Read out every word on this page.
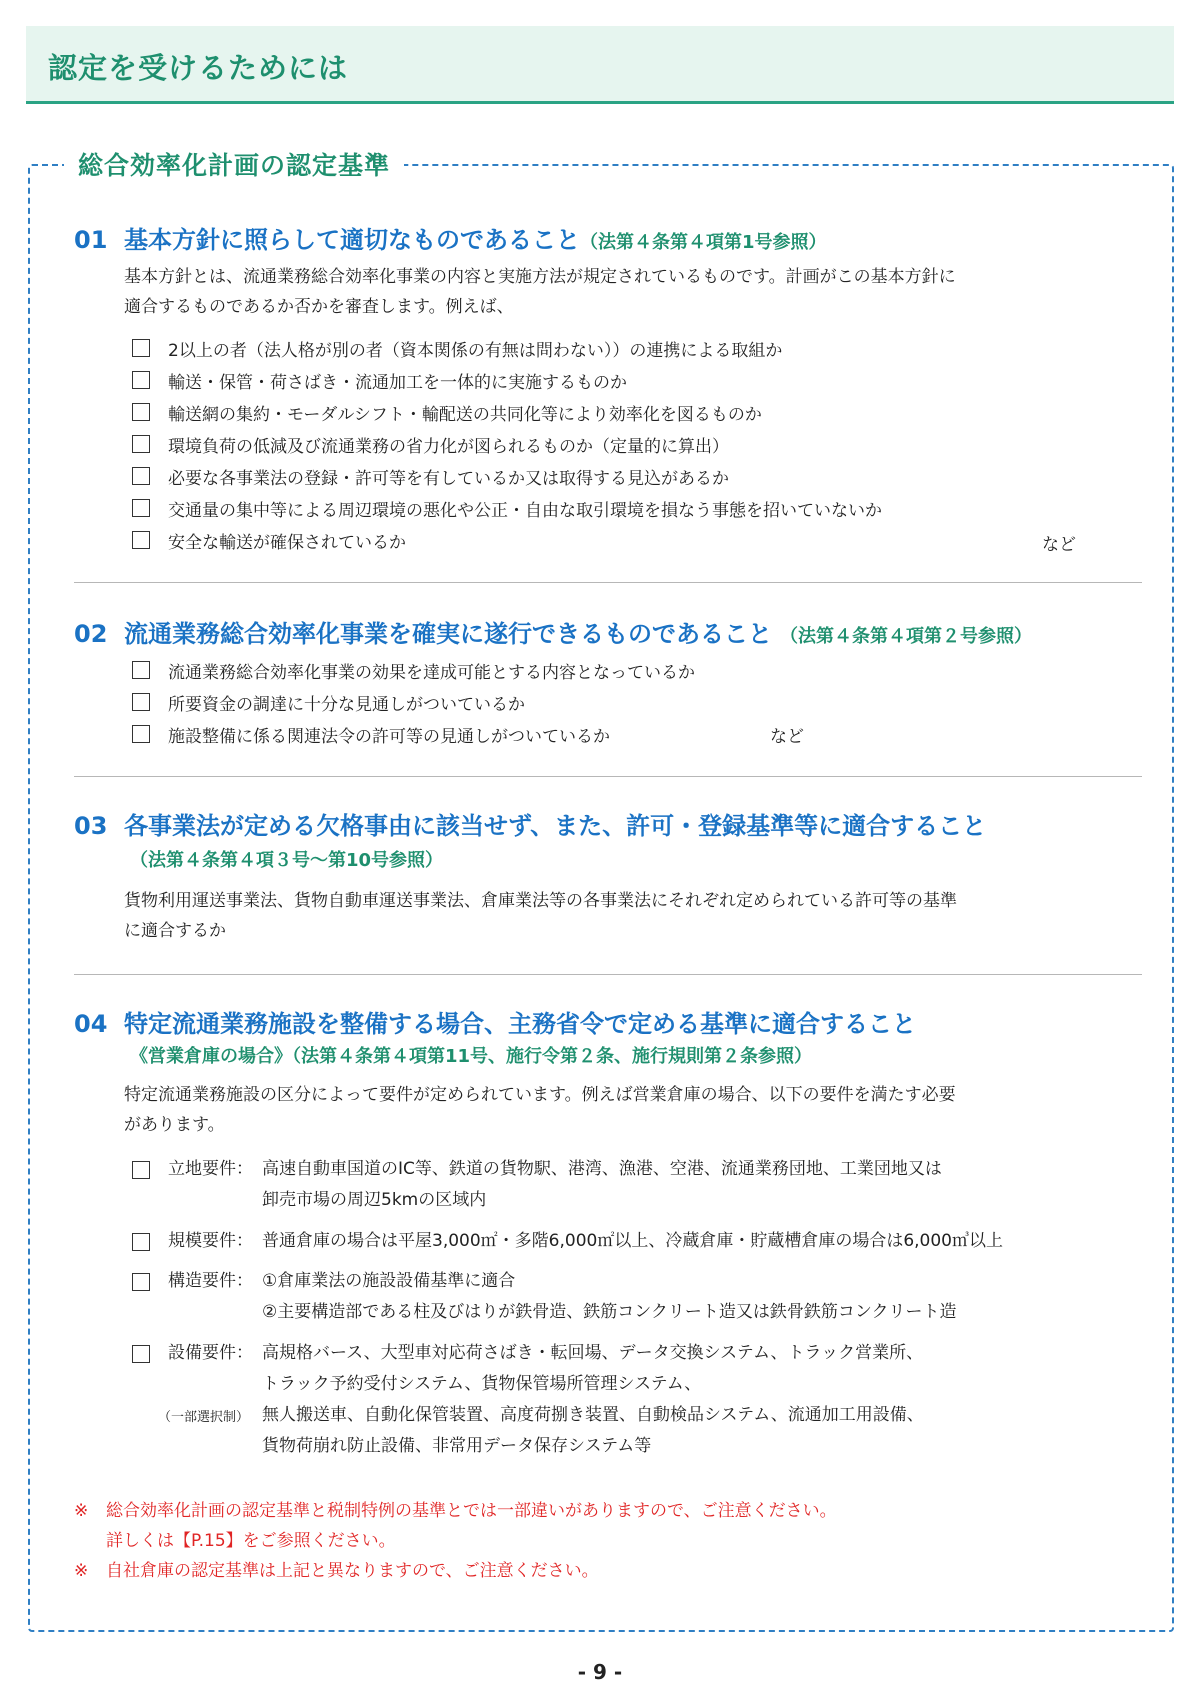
認定を受けるためには
総合効率化計画の認定基準
01 基本方針に照らして適切なものであること（法第４条第４項第1号参照）
基本方針とは、流通業務総合効率化事業の内容と実施方法が規定されているものです。計画がこの基本方針に
適合するものであるか否かを審査します。例えば、
2以上の者（法人格が別の者（資本関係の有無は問わない））の連携による取組か
輸送・保管・荷さばき・流通加工を一体的に実施するものか
輸送網の集約・モーダルシフト・輸配送の共同化等により効率化を図るものか
環境負荷の低減及び流通業務の省力化が図られるものか（定量的に算出）
必要な各事業法の登録・許可等を有しているか又は取得する見込があるか
交通量の集中等による周辺環境の悪化や公正・自由な取引環境を損なう事態を招いていないか
安全な輸送が確保されているか	など
02 流通業務総合効率化事業を確実に遂行できるものであること （法第４条第４項第２号参照）
流通業務総合効率化事業の効果を達成可能とする内容となっているか
所要資金の調達に十分な見通しがついているか
施設整備に係る関連法令の許可等の見通しがついているか	など
03 各事業法が定める欠格事由に該当せず、また、許可・登録基準等に適合すること
（法第４条第４項３号～第10号参照）
貨物利用運送事業法、貨物自動車運送事業法、倉庫業法等の各事業法にそれぞれ定められている許可等の基準
に適合するか
04 特定流通業務施設を整備する場合、主務省令で定める基準に適合すること
《営業倉庫の場合》（法第４条第４項第11号、施行令第２条、施行規則第２条参照）
特定流通業務施設の区分によって要件が定められています。例えば営業倉庫の場合、以下の要件を満たす必要
があります。
立地要件： 高速自動車国道のIC等、鉄道の貨物駅、港湾、漁港、空港、流通業務団地、工業団地又は
卸売市場の周辺5kmの区域内
規模要件： 普通倉庫の場合は平屋3,000㎡・多階6,000㎡以上、冷蔵倉庫・貯蔵槽倉庫の場合は6,000㎥以上
構造要件： ①倉庫業法の施設設備基準に適合
②主要構造部である柱及びはりが鉄骨造、鉄筋コンクリート造又は鉄骨鉄筋コンクリート造
設備要件：
（一部選択制）
高規格バース、大型車対応荷さばき・転回場、データ交換システム、トラック営業所、
トラック予約受付システム、貨物保管場所管理システム、
無人搬送車、自動化保管装置、高度荷捌き装置、自動検品システム、流通加工用設備、
貨物荷崩れ防止設備、非常用データ保存システム等
※ 総合効率化計画の認定基準と税制特例の基準とでは一部違いがありますので、ご注意ください。
詳しくは【P.15】をご参照ください。
※ 自社倉庫の認定基準は上記と異なりますので、ご注意ください。
- 9 -
